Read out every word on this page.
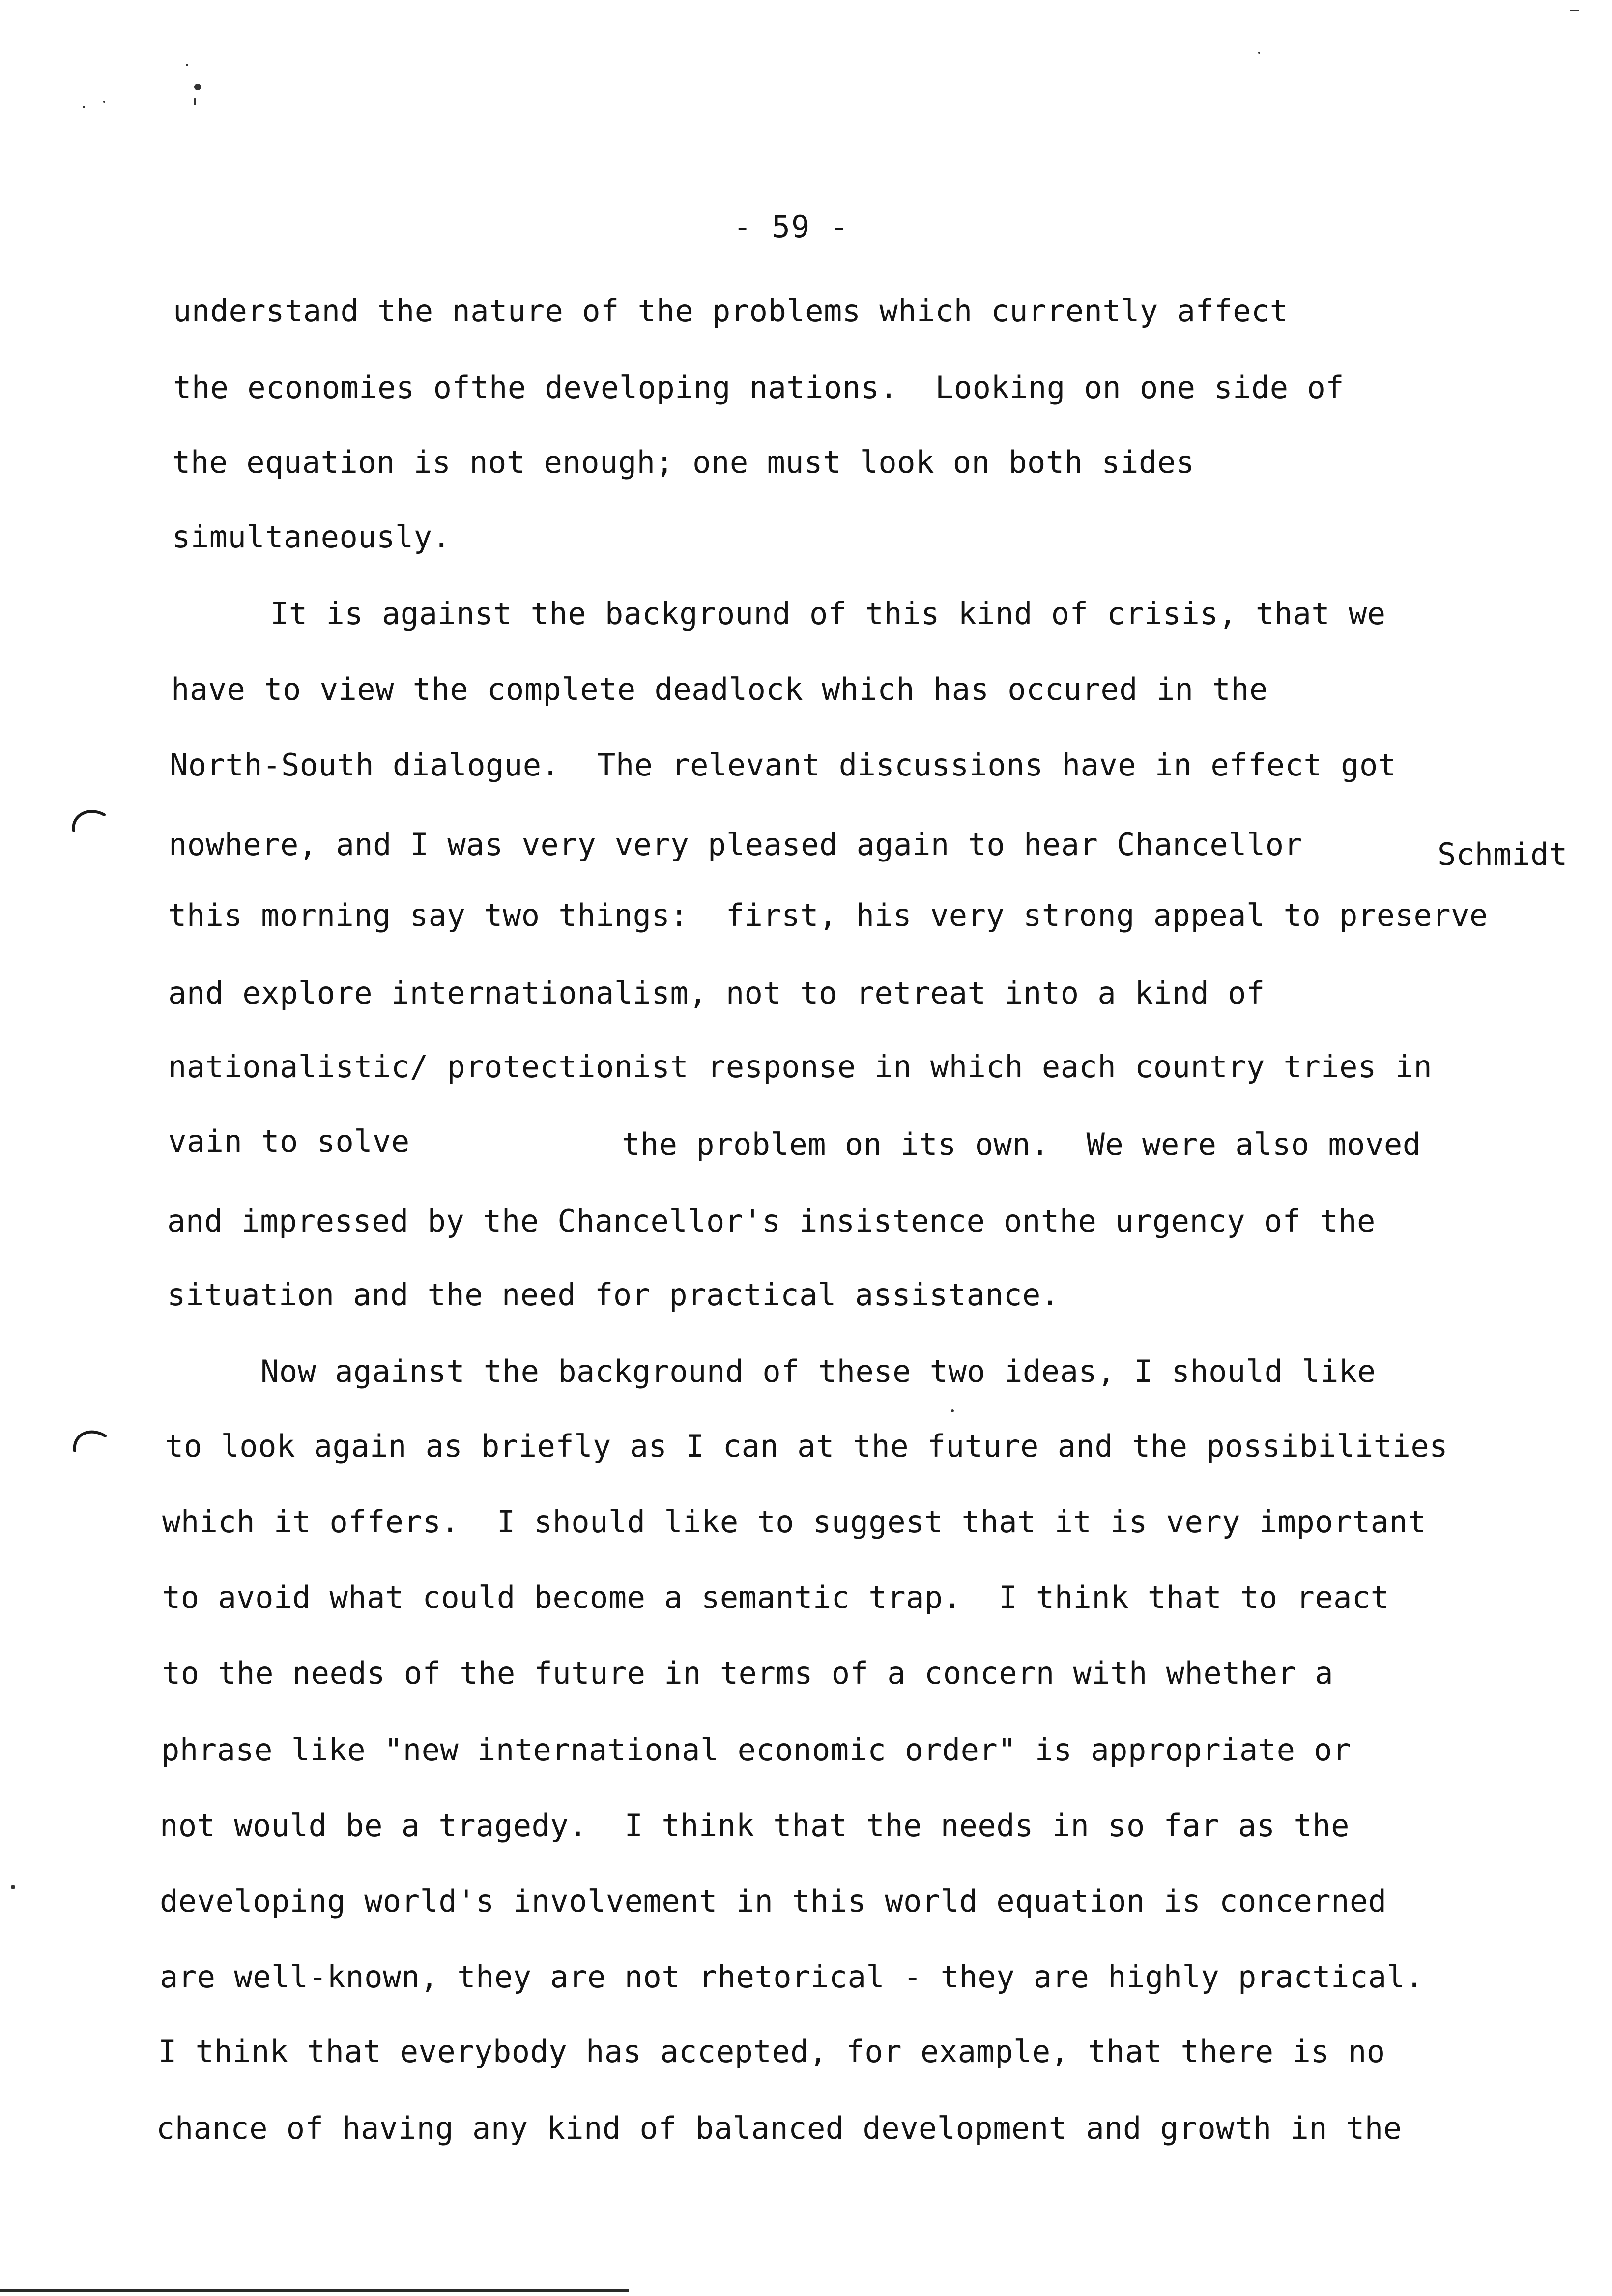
- 59 -
understand the nature of the problems which currently affect
the economies ofthe developing nations.  Looking on one side of
the equation is not enough; one must look on both sides
simultaneously.
It is against the background of this kind of crisis, that we
have to view the complete deadlock which has occured in the
North-South dialogue.  The relevant discussions have in effect got
nowhere, and I was very very pleased again to hear Chancellor	Schmidt
this morning say two things:  first, his very strong appeal to preserve
and explore internationalism, not to retreat into a kind of
nationalistic/ protectionist response in which each country tries in
vain to solve	the problem on its own.  We were also moved
and impressed by the Chancellor's insistence onthe urgency of the
situation and the need for practical assistance.
Now against the background of these two ideas, I should like
to look again as briefly as I can at the future and the possibilities
which it offers.  I should like to suggest that it is very important
to avoid what could become a semantic trap.  I think that to react
to the needs of the future in terms of a concern with whether a
phrase like "new international economic order" is appropriate or
not would be a tragedy.  I think that the needs in so far as the
developing world's involvement in this world equation is concerned
are well-known, they are not rhetorical - they are highly practical.
I think that everybody has accepted, for example, that there is no
chance of having any kind of balanced development and growth in the
